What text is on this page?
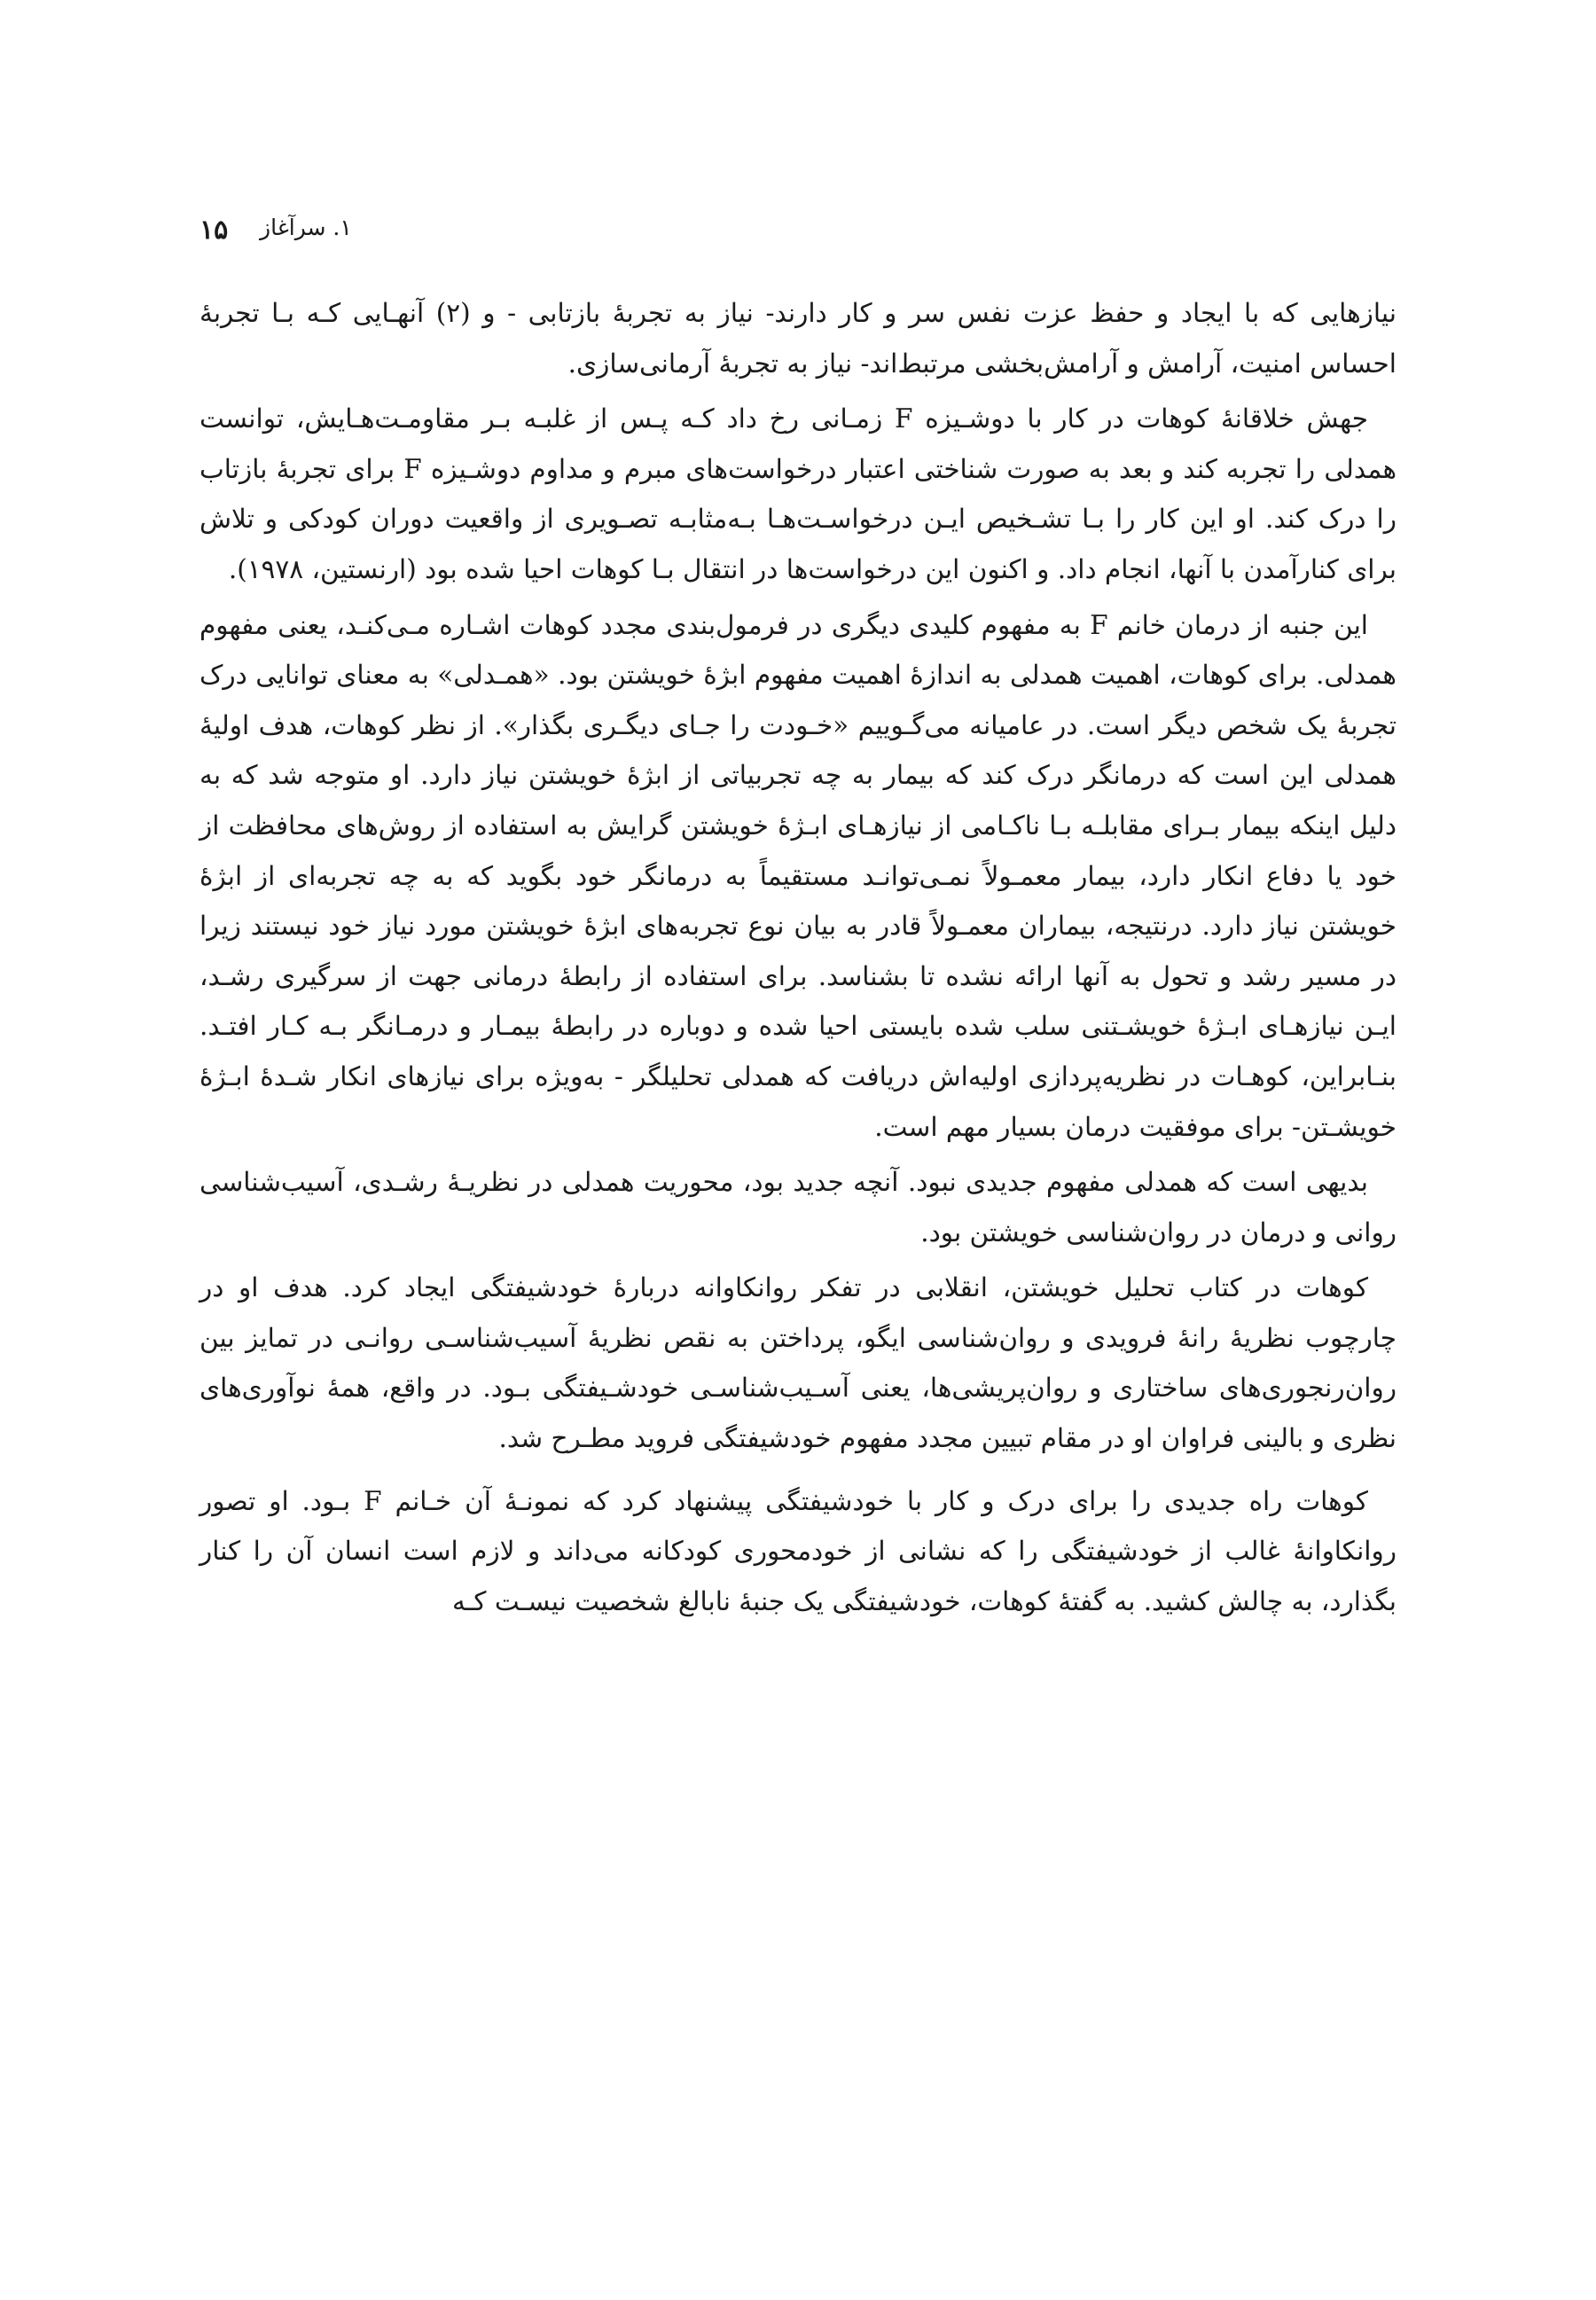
۱۵ ۱. سرآغاز

نیازهایی که با ایجاد و حفظ عزت نفس سر و کار دارند- نیاز به تجربهٔ بازتابی - و (۲) آنهـایی کـه بـا تجربهٔ احساس امنیت، آرامش و آرامش‌بخشی مرتبط‌اند- نیاز به تجربهٔ آرمانی‌سازی.

جهش خلاقانهٔ کوهات در کار با دوشـیزه F زمـانی رخ داد کـه پـس از غلبـه بـر مقاومـت‌هـایش، توانست همدلی را تجربه کند و بعد به صورت شناختی اعتبار درخواست‌های مبرم و مداوم دوشـیزه F برای تجربهٔ بازتاب را درک کند. او این کار را بـا تشـخیص ایـن درخواسـت‌هـا بـه‌مثابـه تصـویری از واقعیت دوران کودکی و تلاش برای کنارآمدن با آنها، انجام داد. و اکنون این درخواست‌ها در انتقال بـا کوهات احیا شده بود (ارنستین، ۱۹۷۸).

این جنبه از درمان خانم F به مفهوم کلیدی دیگری در فرمول‌بندی مجدد کوهات اشـاره مـی‌کنـد، یعنی مفهوم همدلی. برای کوهات، اهمیت همدلی به اندازهٔ اهمیت مفهوم ابژهٔ خویشتن بود. «همـدلی» به معنای توانایی درک تجربهٔ یک شخص دیگر است. در عامیانه می‌گـوییم «خـودت را جـای دیگـری بگذار». از نظر کوهات، هدف اولیهٔ همدلی این است که درمانگر درک کند که بیمار به چه تجربیاتی از ابژهٔ خویشتن نیاز دارد. او متوجه شد که به دلیل اینکه بیمار بـرای مقابلـه بـا ناکـامی از نیازهـای ابـژهٔ خویشتن گرایش به استفاده از روش‌های محافظت از خود یا دفاع انکار دارد، بیمار معمـولاً نمـی‌توانـد مستقیماً به درمانگر خود بگوید که به چه تجربه‌ای از ابژهٔ خویشتن نیاز دارد. درنتیجه، بیماران معمـولاً قادر به بیان نوع تجربه‌های ابژهٔ خویشتن مورد نیاز خود نیستند زیرا در مسیر رشد و تحول به آنها ارائه نشده تا بشناسد. برای استفاده از رابطهٔ درمانی جهت از سرگیری رشـد، ایـن نیازهـای ابـژهٔ خویشـتنی سلب شده بایستی احیا شده و دوباره در رابطهٔ بیمـار و درمـانگر بـه کـار افتـد. بنـابراین، کوهـات در نظریه‌پردازی اولیه‌اش دریافت که همدلی تحلیلگر - به‌ویژه برای نیازهای انکار شـدهٔ ابـژهٔ خویشـتن- برای موفقیت درمان بسیار مهم است.

بدیهی است که همدلی مفهوم جدیدی نبود. آنچه جدید بود، محوریت همدلی در نظریـهٔ رشـدی، آسیب‌شناسی روانی و درمان در روان‌شناسی خویشتن بود.

کوهات در کتاب تحلیل خویشتن، انقلابی در تفکر روانکاوانه دربارهٔ خودشیفتگی ایجاد کرد. هدف او در چارچوب نظریهٔ رانهٔ فرویدی و روان‌شناسی ایگو، پرداختن به نقص نظریهٔ آسیب‌شناسـی روانـی در تمایز بین روان‌رنجوری‌های ساختاری و روان‌پریشی‌ها، یعنی آسـیب‌شناسـی خودشـیفتگی بـود. در واقع، همهٔ نوآوری‌های نظری و بالینی فراوان او در مقام تبیین مجدد مفهوم خودشیفتگی فروید مطـرح شد.

کوهات راه جدیدی را برای درک و کار با خودشیفتگی پیشنهاد کرد که نمونـهٔ آن خـانم F بـود. او تصور روانکاوانهٔ غالب از خودشیفتگی را که نشانی از خودمحوری کودکانه می‌داند و لازم است انسان آن را کنار بگذارد، به چالش کشید. به گفتهٔ کوهات، خودشیفتگی یک جنبهٔ نابالغ شخصیت نیسـت کـه
